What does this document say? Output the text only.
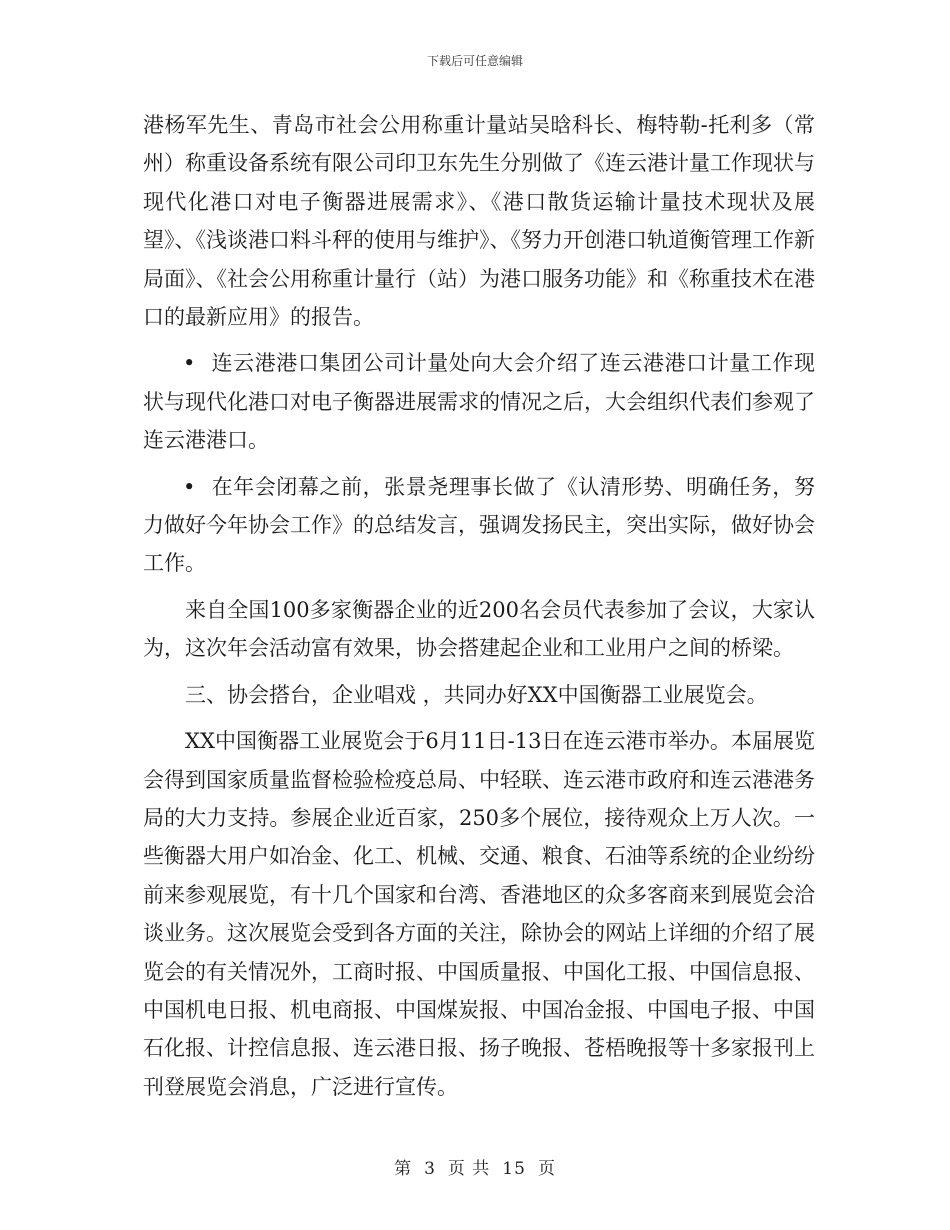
下载后可任意编辑

港杨军先生、青岛市社会公用称重计量站吴晗科长、梅特勒-托利多（常州）称重设备系统有限公司印卫东先生分别做了《连云港计量工作现状与现代化港口对电子衡器进展需求》、《港口散货运输计量技术现状及展望》、《浅谈港口料斗秤的使用与维护》、《努力开创港口轨道衡管理工作新局面》、《社会公用称重计量行（站）为港口服务功能》和《称重技术在港口的最新应用》的报告。

• 连云港港口集团公司计量处向大会介绍了连云港港口计量工作现状与现代化港口对电子衡器进展需求的情况之后，大会组织代表们参观了连云港港口。

• 在年会闭幕之前，张景尧理事长做了《认清形势、明确任务，努力做好今年协会工作》的总结发言，强调发扬民主，突出实际，做好协会工作。

来自全国100多家衡器企业的近200名会员代表参加了会议，大家认为，这次年会活动富有效果，协会搭建起企业和工业用户之间的桥梁。

三、协会搭台，企业唱戏 ，共同办好XX中国衡器工业展览会。

XX中国衡器工业展览会于6月11日-13日在连云港市举办。本届展览会得到国家质量监督检验检疫总局、中轻联、连云港市政府和连云港港务局的大力支持。参展企业近百家，250多个展位，接待观众上万人次。一些衡器大用户如冶金、化工、机械、交通、粮食、石油等系统的企业纷纷前来参观展览，有十几个国家和台湾、香港地区的众多客商来到展览会洽谈业务。这次展览会受到各方面的关注，除协会的网站上详细的介绍了展览会的有关情况外，工商时报、中国质量报、中国化工报、中国信息报、中国机电日报、机电商报、中国煤炭报、中国冶金报、中国电子报、中国石化报、计控信息报、连云港日报、扬子晚报、苍梧晚报等十多家报刊上刊登展览会消息，广泛进行宣传。

第 3 页 共 15 页
